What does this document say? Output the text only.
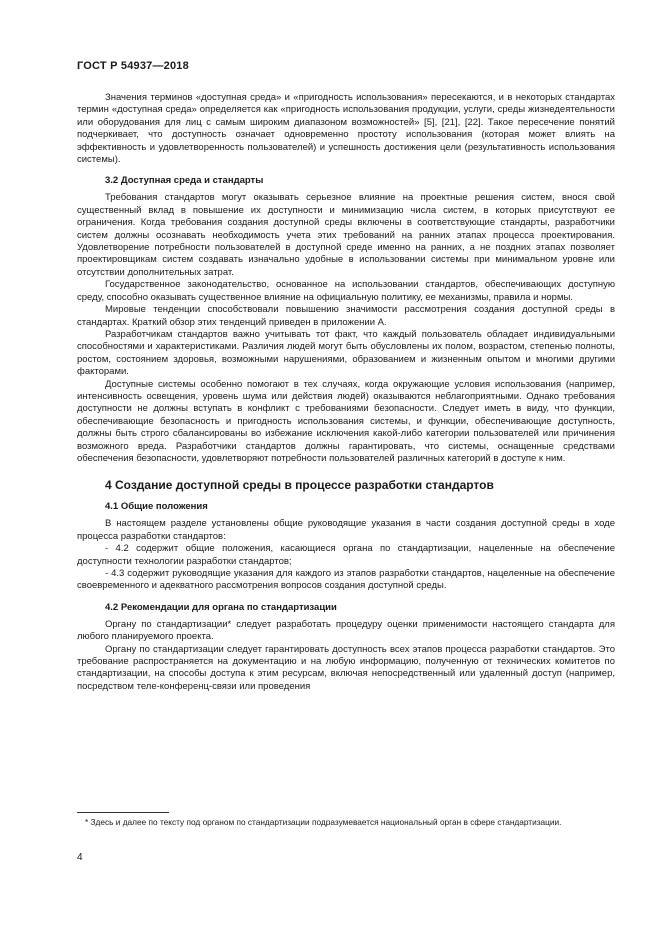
ГОСТ Р 54937—2018

Значения терминов «доступная среда» и «пригодность использования» пересекаются, и в некоторых стандартах термин «доступная среда» определяется как «пригодность использования продукции, услуги, среды жизнедеятельности или оборудования для лиц с самым широким диапазоном возможностей» [5], [21], [22]. Такое пересечение понятий подчеркивает, что доступность означает одновременно простоту использования (которая может влиять на эффективность и удовлетворенность пользователей) и успешность достижения цели (результативность использования системы).

3.2 Доступная среда и стандарты

Требования стандартов могут оказывать серьезное влияние на проектные решения систем, внося свой существенный вклад в повышение их доступности и минимизацию числа систем, в которых присутствуют ее ограничения. Когда требования создания доступной среды включены в соответствующие стандарты, разработчики систем должны осознавать необходимость учета этих требований на ранних этапах процесса проектирования. Удовлетворение потребности пользователей в доступной среде именно на ранних, а не поздних этапах позволяет проектировщикам систем создавать изначально удобные в использовании системы при минимальном уровне или отсутствии дополнительных затрат.

Государственное законодательство, основанное на использовании стандартов, обеспечивающих доступную среду, способно оказывать существенное влияние на официальную политику, ее механизмы, правила и нормы.

Мировые тенденции способствовали повышению значимости рассмотрения создания доступной среды в стандартах. Краткий обзор этих тенденций приведен в приложении А.

Разработчикам стандартов важно учитывать тот факт, что каждый пользователь обладает индивидуальными способностями и характеристиками. Различия людей могут быть обусловлены их полом, возрастом, степенью полноты, ростом, состоянием здоровья, возможными нарушениями, образованием и жизненным опытом и многими другими факторами.

Доступные системы особенно помогают в тех случаях, когда окружающие условия использования (например, интенсивность освещения, уровень шума или действия людей) оказываются неблагоприятными. Однако требования доступности не должны вступать в конфликт с требованиями безопасности. Следует иметь в виду, что функции, обеспечивающие безопасность и пригодность использования системы, и функции, обеспечивающие доступность, должны быть строго сбалансированы во избежание исключения какой-либо категории пользователей или причинения возможного вреда. Разработчики стандартов должны гарантировать, что системы, оснащенные средствами обеспечения безопасности, удовлетворяют потребности пользователей различных категорий в доступе к ним.

4 Создание доступной среды в процессе разработки стандартов
4.1 Общие положения

В настоящем разделе установлены общие руководящие указания в части создания доступной среды в ходе процесса разработки стандартов:

- 4.2 содержит общие положения, касающиеся органа по стандартизации, нацеленные на обеспечение доступности технологии разработки стандартов;

- 4.3 содержит руководящие указания для каждого из этапов разработки стандартов, нацеленные на обеспечение своевременного и адекватного рассмотрения вопросов создания доступной среды.

4.2 Рекомендации для органа по стандартизации

Органу по стандартизации* следует разработать процедуру оценки применимости настоящего стандарта для любого планируемого проекта.

Органу по стандартизации следует гарантировать доступность всех этапов процесса разработки стандартов. Это требование распространяется на документацию и на любую информацию, полученную от технических комитетов по стандартизации, на способы доступа к этим ресурсам, включая непосредственный или удаленный доступ (например, посредством теле-конференц-связи или проведения

* Здесь и далее по тексту под органом по стандартизации подразумевается национальный орган в сфере стандартизации.

4
